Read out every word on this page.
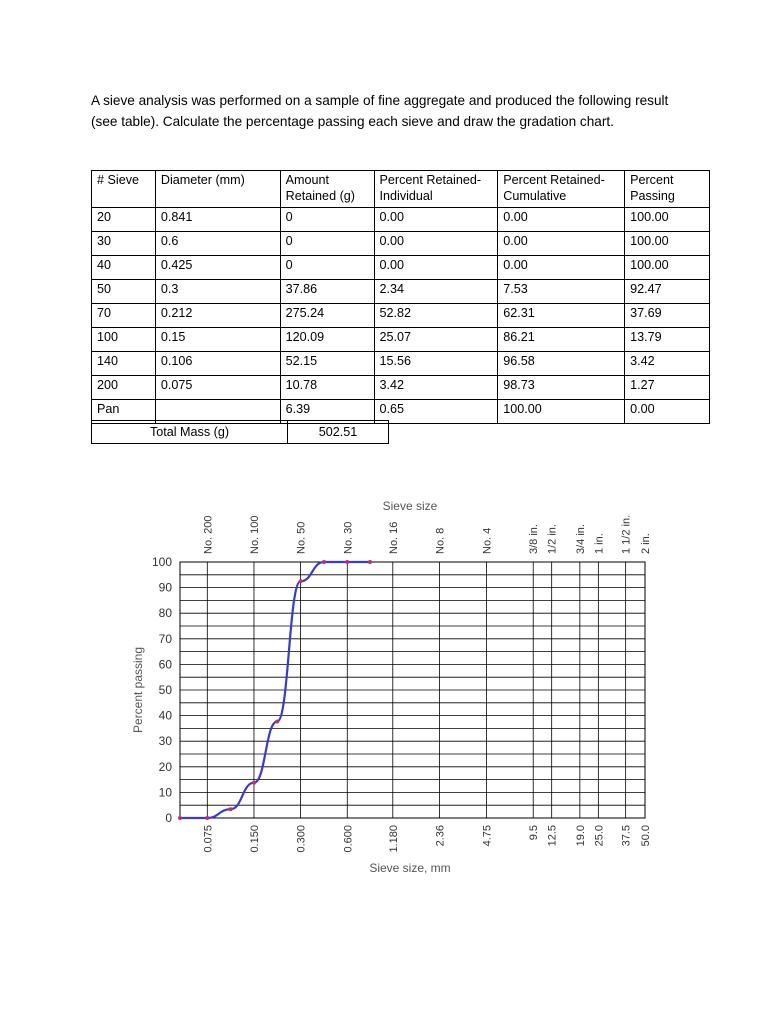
A sieve analysis was performed on a sample of fine aggregate and produced the following result (see table). Calculate the percentage passing each sieve and draw the gradation chart.
# Sieve	Diameter (mm)	Amount Retained (g)	Percent Retained- Individual	Percent Retained- Cumulative	Percent Passing
20	0.841	0	0.00	0.00	100.00
30	0.6	0	0.00	0.00	100.00
40	0.425	0	0.00	0.00	100.00
50	0.3	37.86	2.34	7.53	92.47
70	0.212	275.24	52.82	62.31	37.69
100	0.15	120.09	25.07	86.21	13.79
140	0.106	52.15	15.56	96.58	3.42
200	0.075	10.78	3.42	98.73	1.27
Pan		6.39	0.65	100.00	0.00
Total Mass (g)	502.51
0
10
20
30
40
50
60
70
80
90
100
0.075
No. 200
0.150
No. 100
0.300
No. 50
0.600
No. 30
1.180
No. 16
2.36
No. 8
4.75
No. 4
9.5
3/8 in.
12.5
1/2 in.
19.0
3/4 in.
25.0
1 in.
37.5
1 1/2 in.
50.0
2 in.
Sieve size
Sieve size, mm
Percent passing
